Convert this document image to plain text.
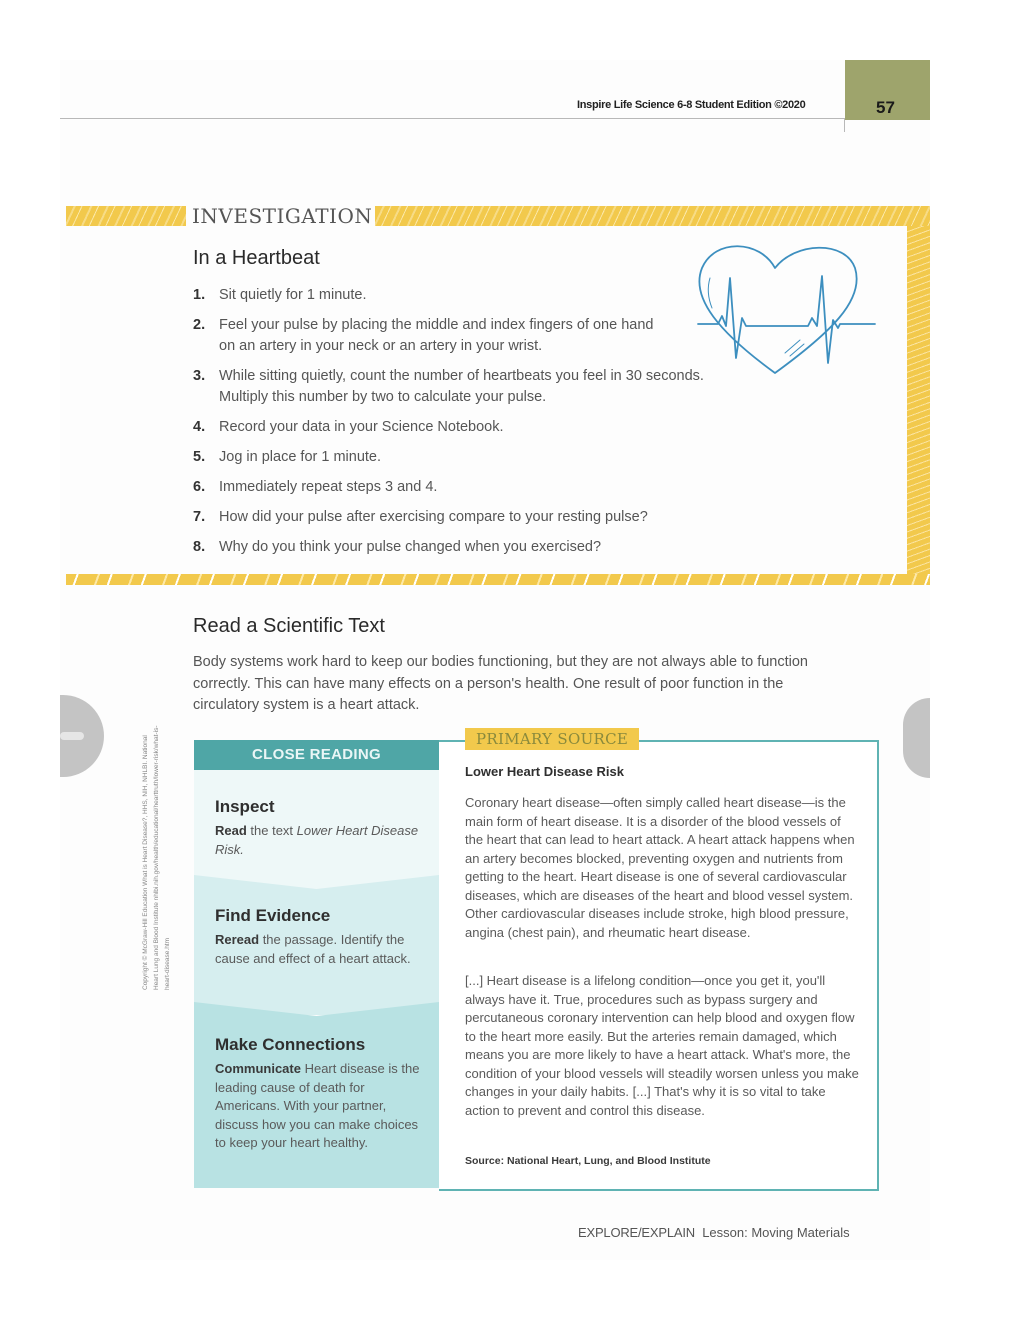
Inspire Life Science 6-8 Student Edition ©2020	57
INVESTIGATION
In a Heartbeat
1. Sit quietly for 1 minute.
2. Feel your pulse by placing the middle and index fingers of one hand on an artery in your neck or an artery in your wrist.
3. While sitting quietly, count the number of heartbeats you feel in 30 seconds. Multiply this number by two to calculate your pulse.
4. Record your data in your Science Notebook.
5. Jog in place for 1 minute.
6. Immediately repeat steps 3 and 4.
7. How did your pulse after exercising compare to your resting pulse?
8. Why do you think your pulse changed when you exercised?
Read a Scientific Text
Body systems work hard to keep our bodies functioning, but they are not always able to function correctly. This can have many effects on a person's health. One result of poor function in the circulatory system is a heart attack.
Copyright © McGraw-Hill Education What is Heart Disease?, HHS, NIH, NHLBI. National Heart Lung and Blood Institute nhlbi.nih.gov/health/educational/hearttruth/lower-risk/what-is-heart-disease.htm
CLOSE READING
Inspect
Read the text Lower Heart Disease Risk.
Find Evidence
Reread the passage. Identify the cause and effect of a heart attack.
Make Connections
Communicate Heart disease is the leading cause of death for Americans. With your partner, discuss how you can make choices to keep your heart healthy.
PRIMARY SOURCE
Lower Heart Disease Risk

Coronary heart disease—often simply called heart disease—is the main form of heart disease. It is a disorder of the blood vessels of the heart that can lead to heart attack. A heart attack happens when an artery becomes blocked, preventing oxygen and nutrients from getting to the heart. Heart disease is one of several cardiovascular diseases, which are diseases of the heart and blood vessel system. Other cardiovascular diseases include stroke, high blood pressure, angina (chest pain), and rheumatic heart disease.

[...] Heart disease is a lifelong condition—once you get it, you'll always have it. True, procedures such as bypass surgery and percutaneous coronary intervention can help blood and oxygen flow to the heart more easily. But the arteries remain damaged, which means you are more likely to have a heart attack. What's more, the condition of your blood vessels will steadily worsen unless you make changes in your daily habits. [...] That's why it is so vital to take action to prevent and control this disease.

Source: National Heart, Lung, and Blood Institute
EXPLORE/EXPLAIN Lesson: Moving Materials
